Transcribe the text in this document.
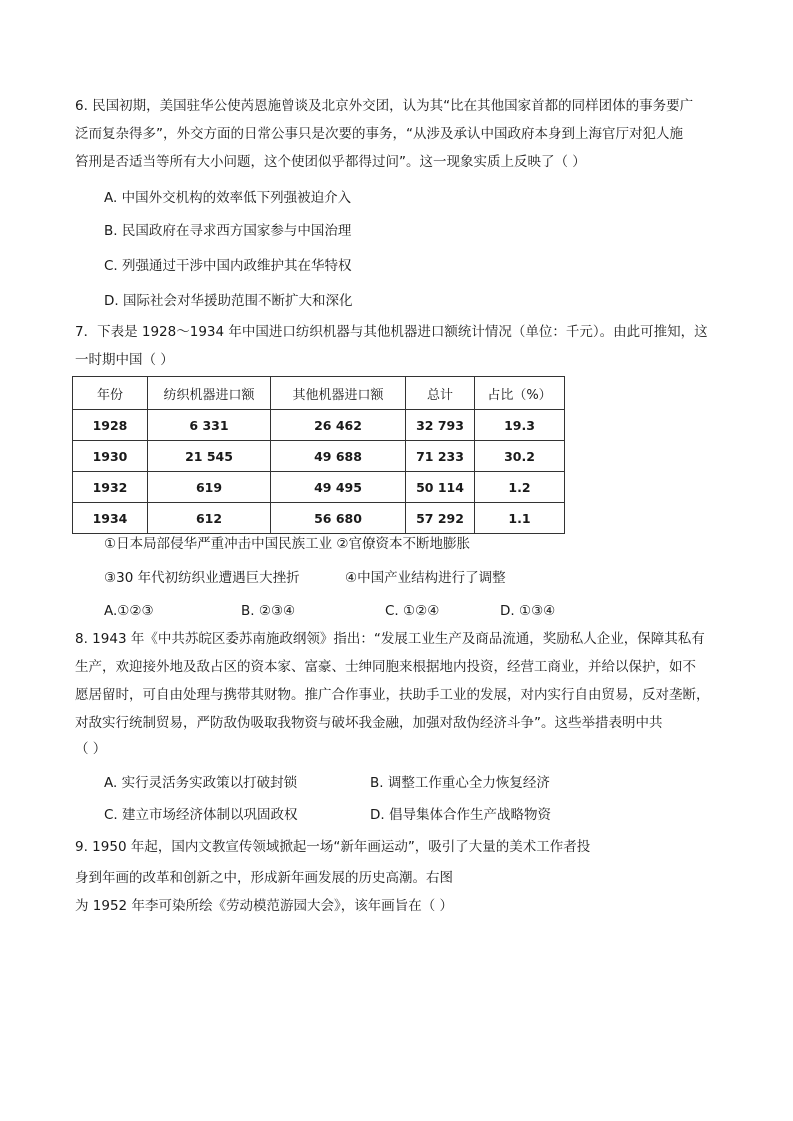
6. 民国初期，美国驻华公使芮恩施曾谈及北京外交团，认为其“比在其他国家首都的同样团体的事务要广
泛而复杂得多”，外交方面的日常公事只是次要的事务，“从涉及承认中国政府本身到上海官厅对犯人施
笞刑是否适当等所有大小问题，这个使团似乎都得过问”。这一现象实质上反映了（ ）
A. 中国外交机构的效率低下列强被迫介入
B. 民国政府在寻求西方国家参与中国治理
C. 列强通过干涉中国内政维护其在华特权
D. 国际社会对华援助范围不断扩大和深化
7．下表是 1928～1934 年中国进口纺织机器与其他机器进口额统计情况（单位：千元）。由此可推知，这
一时期中国（ ）
年份	纺织机器进口额	其他机器进口额	总计	占比（%）
1928	6 331	26 462	32 793	19.3
1930	21 545	49 688	71 233	30.2
1932	619	49 495	50 114	1.2
1934	612	56 680	57 292	1.1
①日本局部侵华严重冲击中国民族工业 ②官僚资本不断地膨胀
③30 年代初纺织业遭遇巨大挫折	④中国产业结构进行了调整
A.①②③	B. ②③④	C. ①②④	D. ①③④
8. 1943 年《中共苏皖区委苏南施政纲领》指出：“发展工业生产及商品流通，奖励私人企业，保障其私有
生产，欢迎接外地及敌占区的资本家、富豪、士绅同胞来根据地内投资，经营工商业，并给以保护，如不
愿居留时，可自由处理与携带其财物。推广合作事业，扶助手工业的发展，对内实行自由贸易，反对垄断，
对敌实行统制贸易，严防敌伪吸取我物资与破坏我金融，加强对敌伪经济斗争”。这些举措表明中共
（ ）
A. 实行灵活务实政策以打破封锁	B. 调整工作重心全力恢复经济
C. 建立市场经济体制以巩固政权	D. 倡导集体合作生产战略物资
9. 1950 年起，国内文教宣传领域掀起一场“新年画运动”，吸引了大量的美术工作者投
身到年画的改革和创新之中，形成新年画发展的历史高潮。右图
为 1952 年李可染所绘《劳动模范游园大会》，该年画旨在（ ）
